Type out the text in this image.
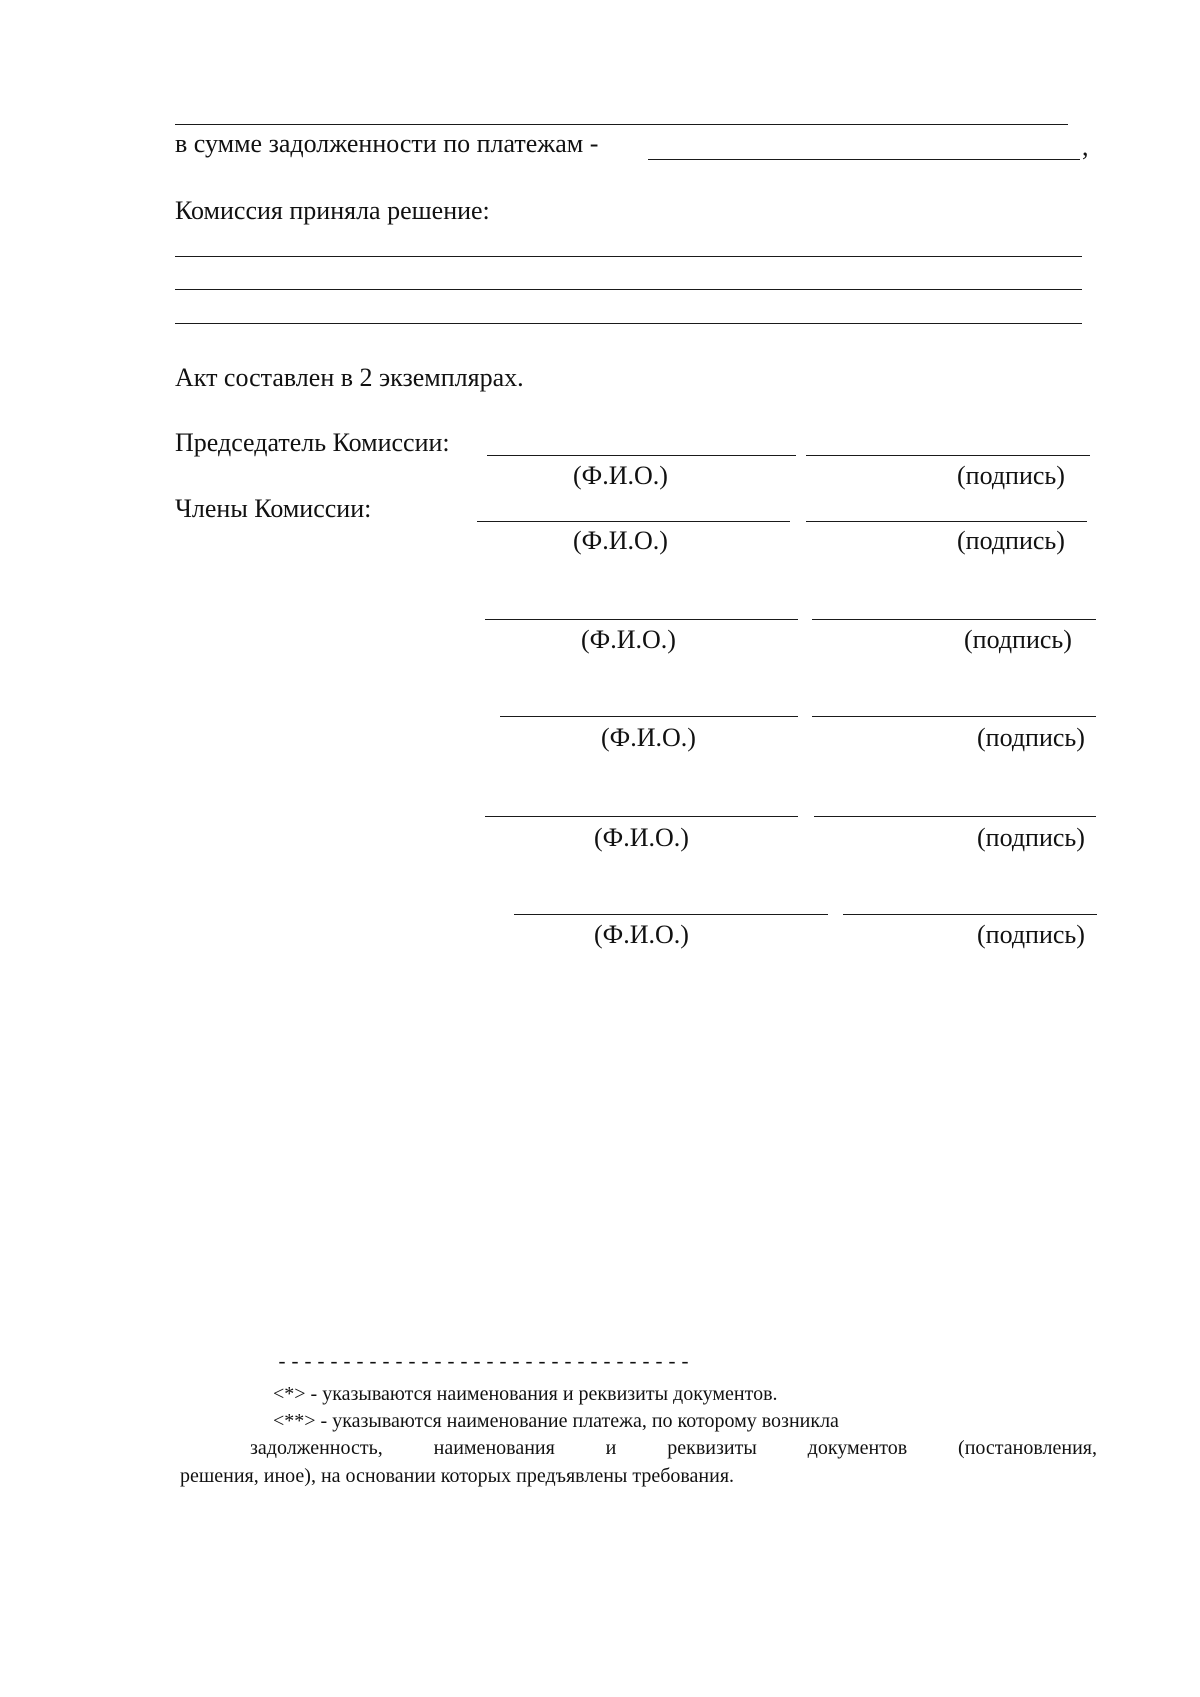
в сумме задолженности по платежам -	,
Комиссия приняла решение:
Акт составлен в 2 экземплярах.
Председатель Комиссии:
(Ф.И.О.)	(подпись)
Члены Комиссии:
(Ф.И.О.)	(подпись)
(Ф.И.О.)	(подпись)
(Ф.И.О.)	(подпись)
(Ф.И.О.)	(подпись)
(Ф.И.О.)	(подпись)
--------------------------------
<*> - указываются наименования и реквизиты документов.
<**> - указываются наименование платежа, по которому возникла
задолженность, наименования и реквизиты документов (постановления,
решения, иное), на основании которых предъявлены требования.
